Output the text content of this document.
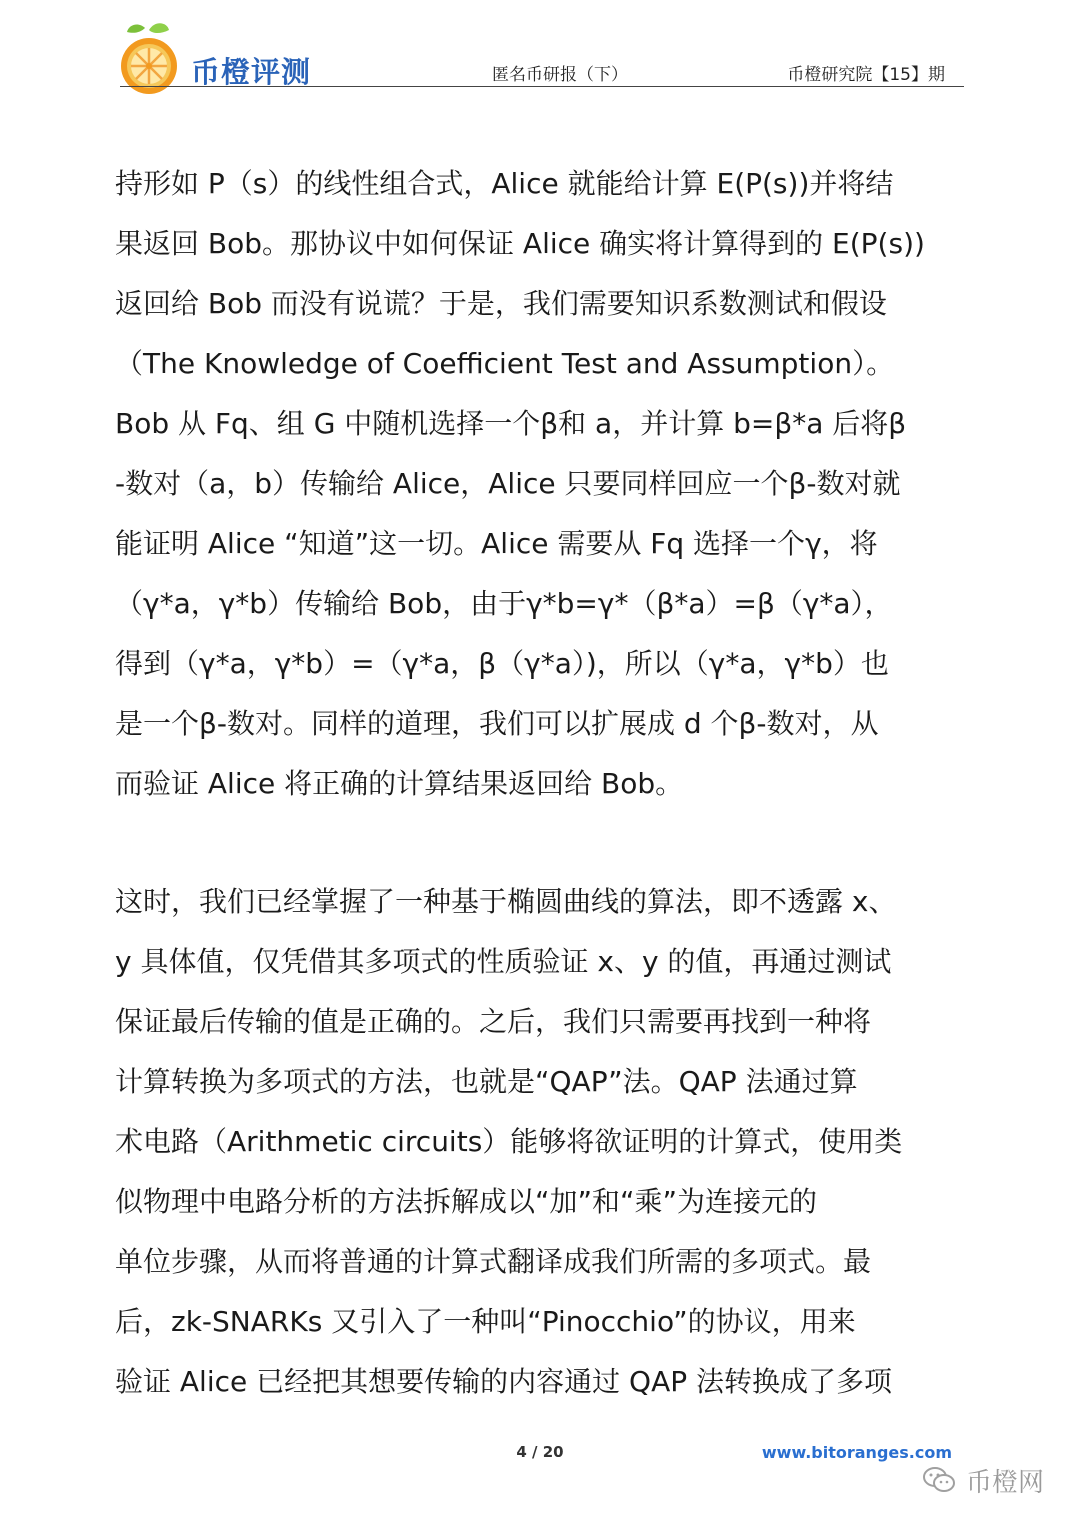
币橙评测	匿名币研报（下）	币橙研究院【15】期
持形如 P（s）的线性组合式，Alice 就能给计算 E(P(s))并将结
果返回 Bob。那协议中如何保证 Alice 确实将计算得到的 E(P(s))
返回给 Bob 而没有说谎？于是，我们需要知识系数测试和假设
（The Knowledge of Coefficient Test and Assumption）。
Bob 从 Fq、组 G 中随机选择一个β和 a，并计算 b=β*a 后将β
-数对（a，b）传输给 Alice，Alice 只要同样回应一个β-数对就
能证明 Alice “知道”这一切。Alice 需要从 Fq 选择一个γ，将
（γ*a，γ*b）传输给 Bob，由于γ*b=γ*（β*a）=β（γ*a），
得到（γ*a，γ*b）=（γ*a，β（γ*a）)，所以（γ*a，γ*b）也
是一个β-数对。同样的道理，我们可以扩展成 d 个β-数对，从
而验证 Alice 将正确的计算结果返回给 Bob。
这时，我们已经掌握了一种基于椭圆曲线的算法，即不透露 x、
y 具体值，仅凭借其多项式的性质验证 x、y 的值，再通过测试
保证最后传输的值是正确的。之后，我们只需要再找到一种将
计算转换为多项式的方法，也就是“QAP”法。QAP 法通过算
术电路（Arithmetic circuits）能够将欲证明的计算式，使用类
似物理中电路分析的方法拆解成以“加”和“乘”为连接元的
单位步骤，从而将普通的计算式翻译成我们所需的多项式。最
后，zk-SNARKs 又引入了一种叫“Pinocchio”的协议，用来
验证 Alice 已经把其想要传输的内容通过 QAP 法转换成了多项
4 / 20	www.bitoranges.com
币橙网
